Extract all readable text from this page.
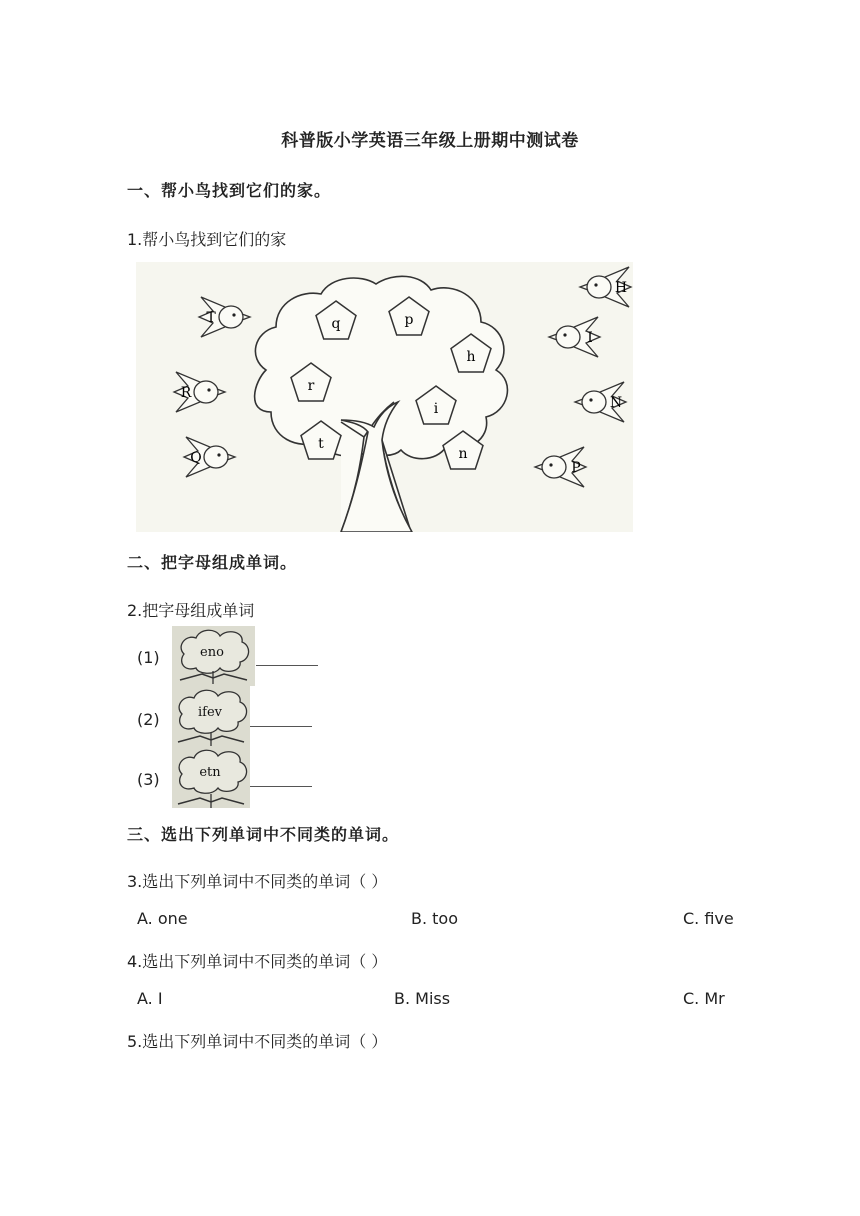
科普版小学英语三年级上册期中测试卷
一、帮小鸟找到它们的家。
1.帮小鸟找到它们的家
q	p
h
r
i
t
n
T
R
Q
H
I
N
P
二、把字母组成单词。
2.把字母组成单词
(1)	eno
(2)	ifev
(3)	etn
三、选出下列单词中不同类的单词。
3.选出下列单词中不同类的单词（ ）
A. one	B. too	C. five
4.选出下列单词中不同类的单词（ ）
A. I	B. Miss	C. Mr
5.选出下列单词中不同类的单词（ ）
